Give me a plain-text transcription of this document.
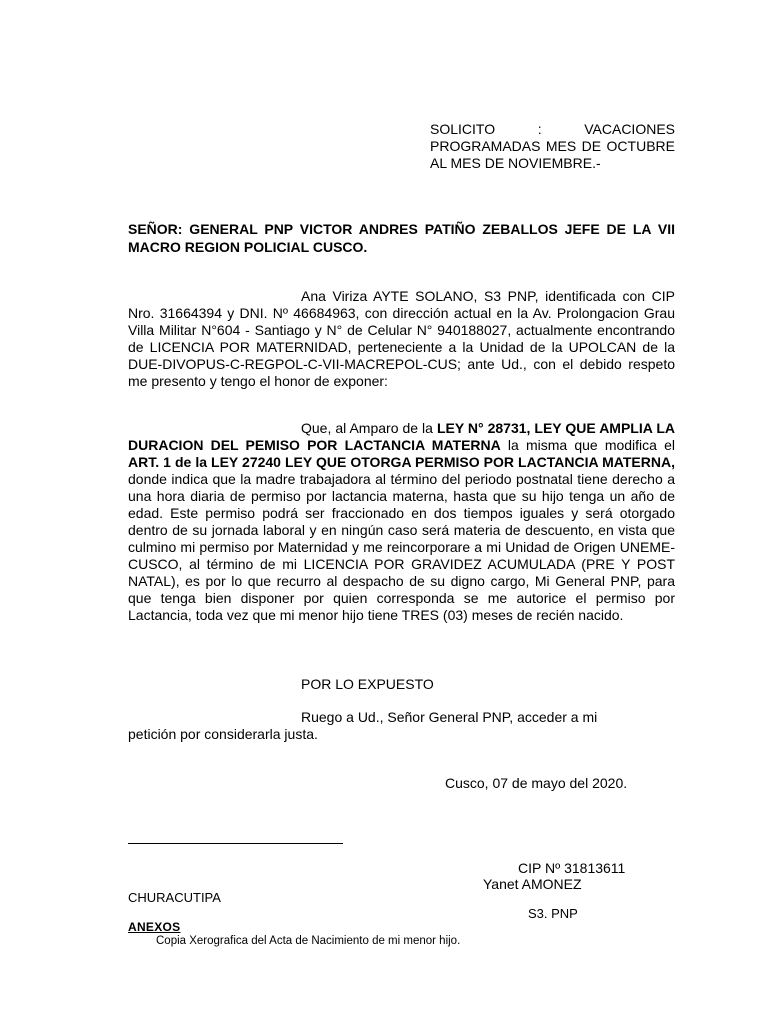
SOLICITO : VACACIONES PROGRAMADAS MES DE OCTUBRE AL MES DE NOVIEMBRE.-
SEÑOR: GENERAL PNP VICTOR ANDRES PATIÑO ZEBALLOS JEFE DE LA VII MACRO REGION POLICIAL CUSCO.
Ana Viriza AYTE SOLANO, S3 PNP, identificada con CIP Nro. 31664394 y DNI. Nº 46684963, con dirección actual en la Av. Prolongacion Grau Villa Militar N°604 - Santiago y N° de Celular N° 940188027, actualmente encontrando de LICENCIA POR MATERNIDAD, perteneciente a la Unidad de la UPOLCAN de la DUE-DIVOPUS-C-REGPOL-C-VII-MACREPOL-CUS; ante Ud., con el debido respeto me presento y tengo el honor de exponer:
Que, al Amparo de la LEY N° 28731, LEY QUE AMPLIA LA DURACION DEL PEMISO POR LACTANCIA MATERNA la misma que modifica el ART. 1 de la LEY 27240 LEY QUE OTORGA PERMISO POR LACTANCIA MATERNA, donde indica que la madre trabajadora al término del periodo postnatal tiene derecho a una hora diaria de permiso por lactancia materna, hasta que su hijo tenga un año de edad. Este permiso podrá ser fraccionado en dos tiempos iguales y será otorgado dentro de su jornada laboral y en ningún caso será materia de descuento, en vista que culmino mi permiso por Maternidad y me reincorporare a mi Unidad de Origen UNEME-CUSCO, al término de mi LICENCIA POR GRAVIDEZ ACUMULADA (PRE Y POST NATAL), es por lo que recurro al despacho de su digno cargo, Mi General PNP, para que tenga bien disponer por quien corresponda se me autorice el permiso por Lactancia, toda vez que mi menor hijo tiene TRES (03) meses de recién nacido.
POR LO EXPUESTO
Ruego a Ud., Señor General PNP, acceder a mi
petición por considerarla justa.
Cusco, 07 de mayo del 2020.
CIP Nº 31813611
Yanet AMONEZ
CHURACUTIPA
S3. PNP
ANEXOS
Copia Xerografica del Acta de Nacimiento de mi menor hijo.
